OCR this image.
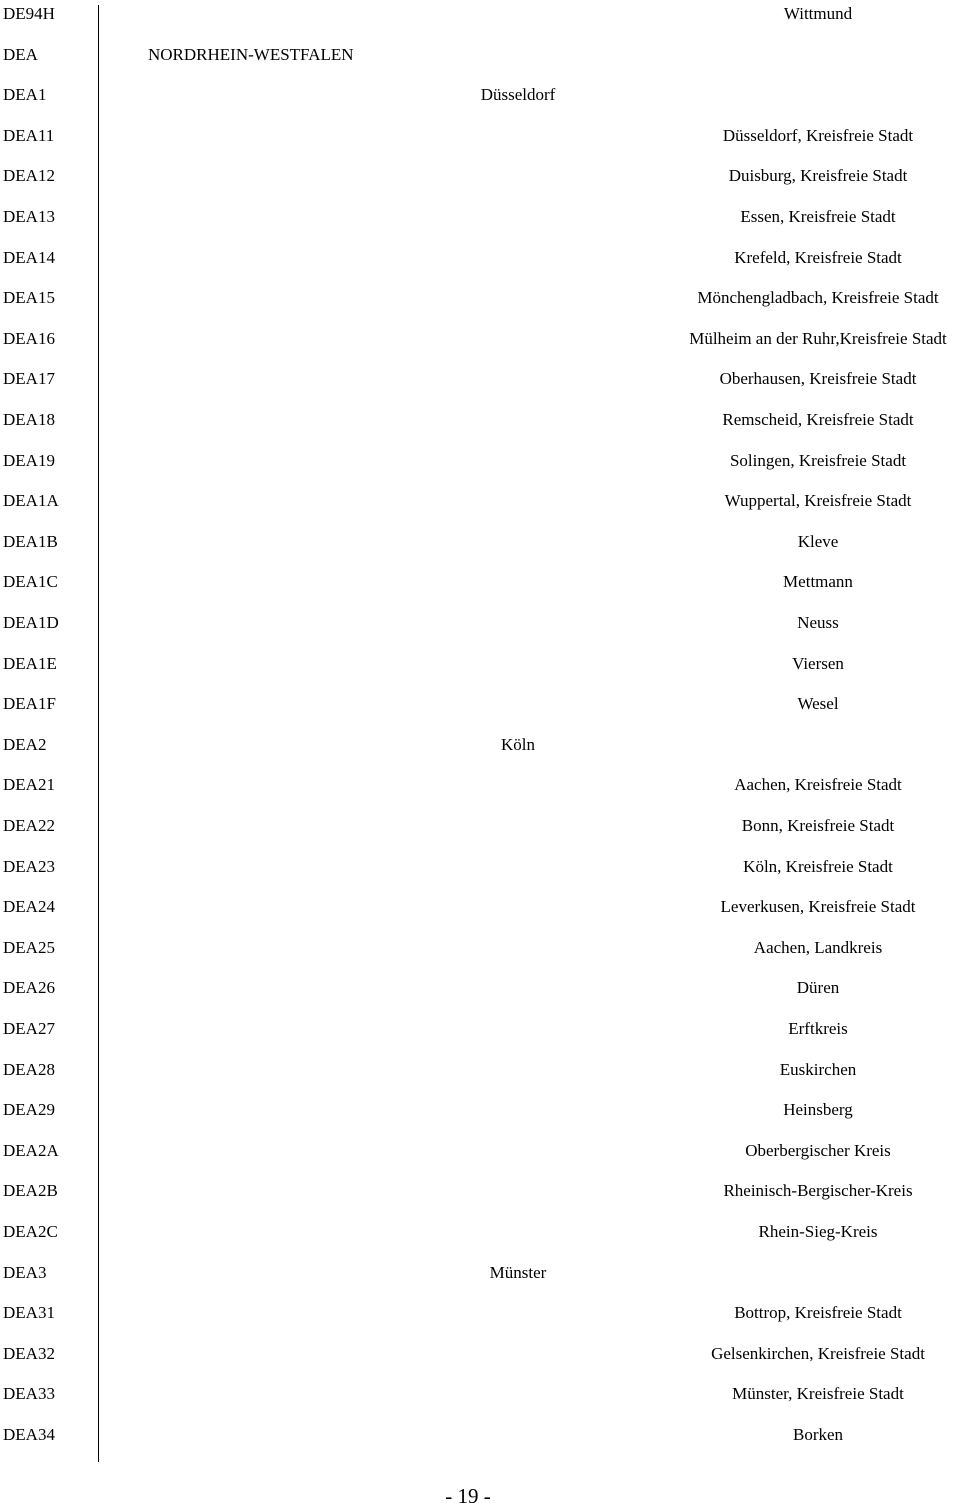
DE94H	Wittmund
DEA	NORDRHEIN-WESTFALEN
DEA1	Düsseldorf
DEA11	Düsseldorf, Kreisfreie Stadt
DEA12	Duisburg, Kreisfreie Stadt
DEA13	Essen, Kreisfreie Stadt
DEA14	Krefeld, Kreisfreie Stadt
DEA15	Mönchengladbach, Kreisfreie Stadt
DEA16	Mülheim an der Ruhr,Kreisfreie Stadt
DEA17	Oberhausen, Kreisfreie Stadt
DEA18	Remscheid, Kreisfreie Stadt
DEA19	Solingen, Kreisfreie Stadt
DEA1A	Wuppertal, Kreisfreie Stadt
DEA1B	Kleve
DEA1C	Mettmann
DEA1D	Neuss
DEA1E	Viersen
DEA1F	Wesel
DEA2	Köln
DEA21	Aachen, Kreisfreie Stadt
DEA22	Bonn, Kreisfreie Stadt
DEA23	Köln, Kreisfreie Stadt
DEA24	Leverkusen, Kreisfreie Stadt
DEA25	Aachen, Landkreis
DEA26	Düren
DEA27	Erftkreis
DEA28	Euskirchen
DEA29	Heinsberg
DEA2A	Oberbergischer Kreis
DEA2B	Rheinisch-Bergischer-Kreis
DEA2C	Rhein-Sieg-Kreis
DEA3	Münster
DEA31	Bottrop, Kreisfreie Stadt
DEA32	Gelsenkirchen, Kreisfreie Stadt
DEA33	Münster, Kreisfreie Stadt
DEA34	Borken
- 19 -
